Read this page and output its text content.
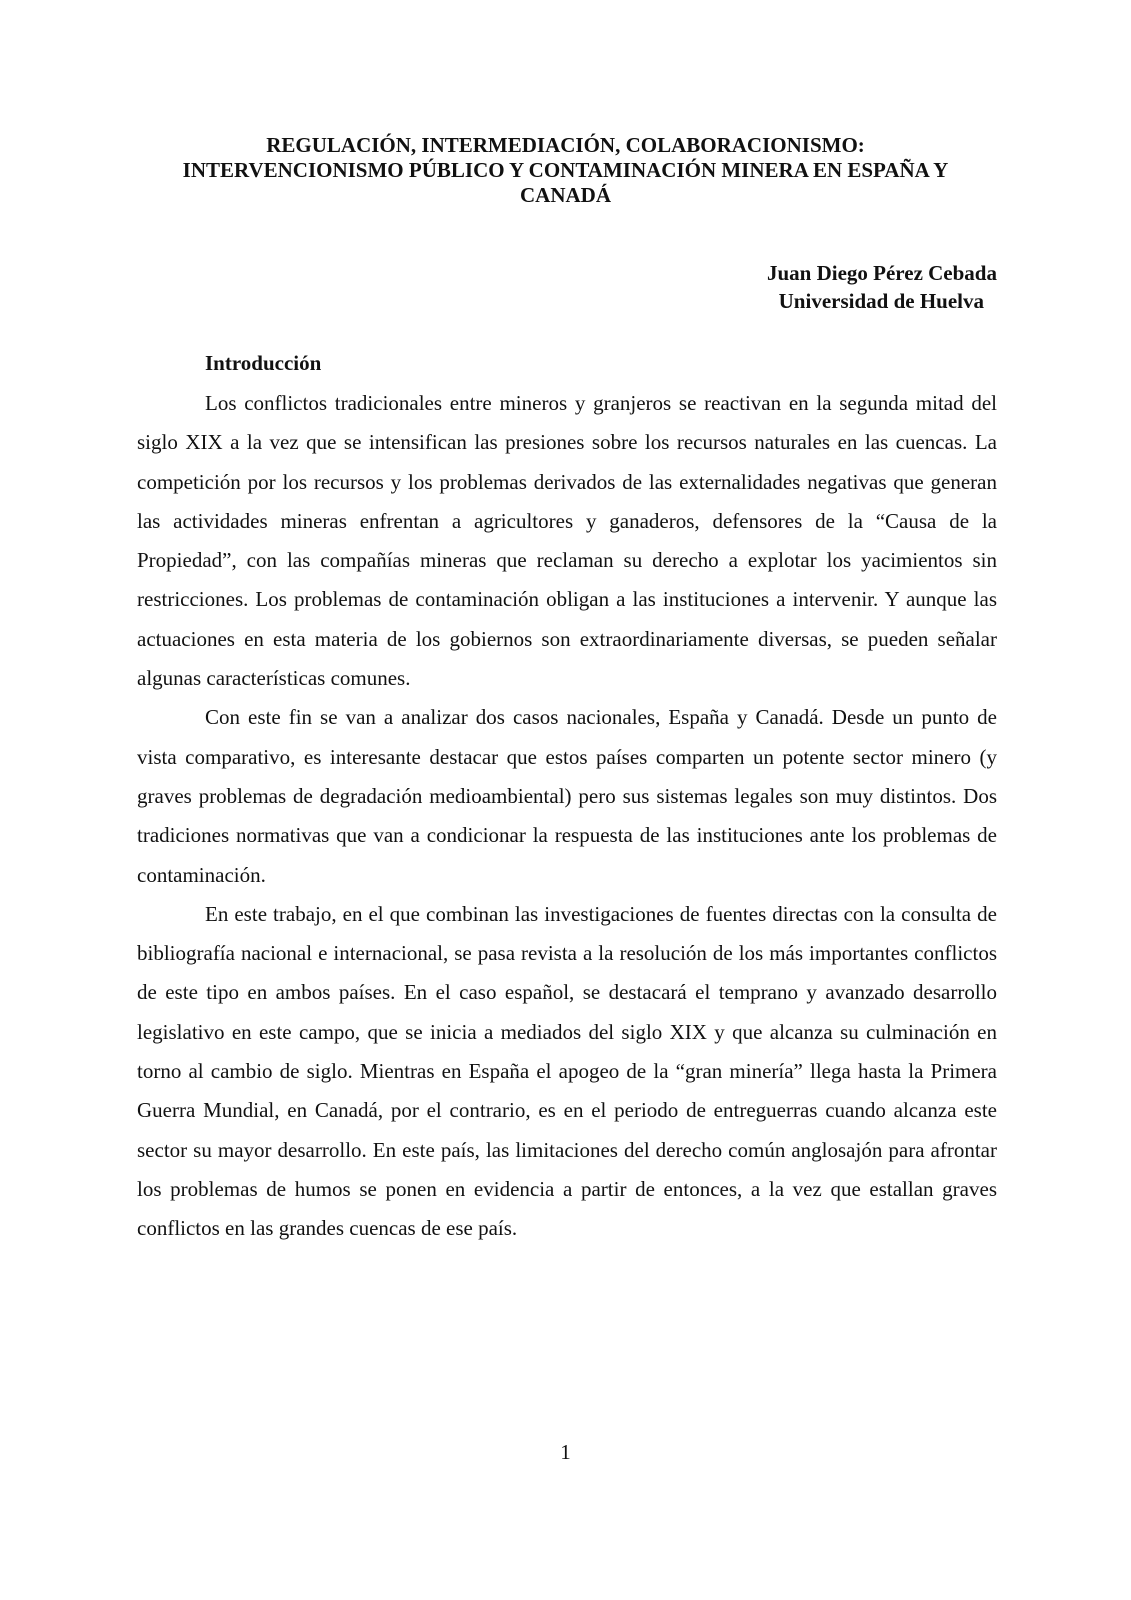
REGULACIÓN, INTERMEDIACIÓN, COLABORACIONISMO:
INTERVENCIONISMO PÚBLICO Y CONTAMINACIÓN MINERA EN ESPAÑA Y
CANADÁ
Juan Diego Pérez Cebada
Universidad de Huelva
Introducción

Los conflictos tradicionales entre mineros y granjeros se reactivan en la segunda mitad del siglo XIX a la vez que se intensifican las presiones sobre los recursos naturales en las cuencas. La competición por los recursos y los problemas derivados de las externalidades negativas que generan las actividades mineras enfrentan a agricultores y ganaderos, defensores de la “Causa de la Propiedad”, con las compañías mineras que reclaman su derecho a explotar los yacimientos sin restricciones. Los problemas de contaminación obligan a las instituciones a intervenir. Y aunque las actuaciones en esta materia de los gobiernos son extraordinariamente diversas, se pueden señalar algunas características comunes.

Con este fin se van a analizar dos casos nacionales, España y Canadá. Desde un punto de vista comparativo, es interesante destacar que estos países comparten un potente sector minero (y graves problemas de degradación medioambiental) pero sus sistemas legales son muy distintos. Dos tradiciones normativas que van a condicionar la respuesta de las instituciones ante los problemas de contaminación.

En este trabajo, en el que combinan las investigaciones de fuentes directas con la consulta de bibliografía nacional e internacional, se pasa revista a la resolución de los más importantes conflictos de este tipo en ambos países. En el caso español, se destacará el temprano y avanzado desarrollo legislativo en este campo, que se inicia a mediados del siglo XIX y que alcanza su culminación en torno al cambio de siglo. Mientras en España el apogeo de la “gran minería” llega hasta la Primera Guerra Mundial, en Canadá, por el contrario, es en el periodo de entreguerras cuando alcanza este sector su mayor desarrollo. En este país, las limitaciones del derecho común anglosajón para afrontar los problemas de humos se ponen en evidencia a partir de entonces, a la vez que estallan graves conflictos en las grandes cuencas de ese país.

1
